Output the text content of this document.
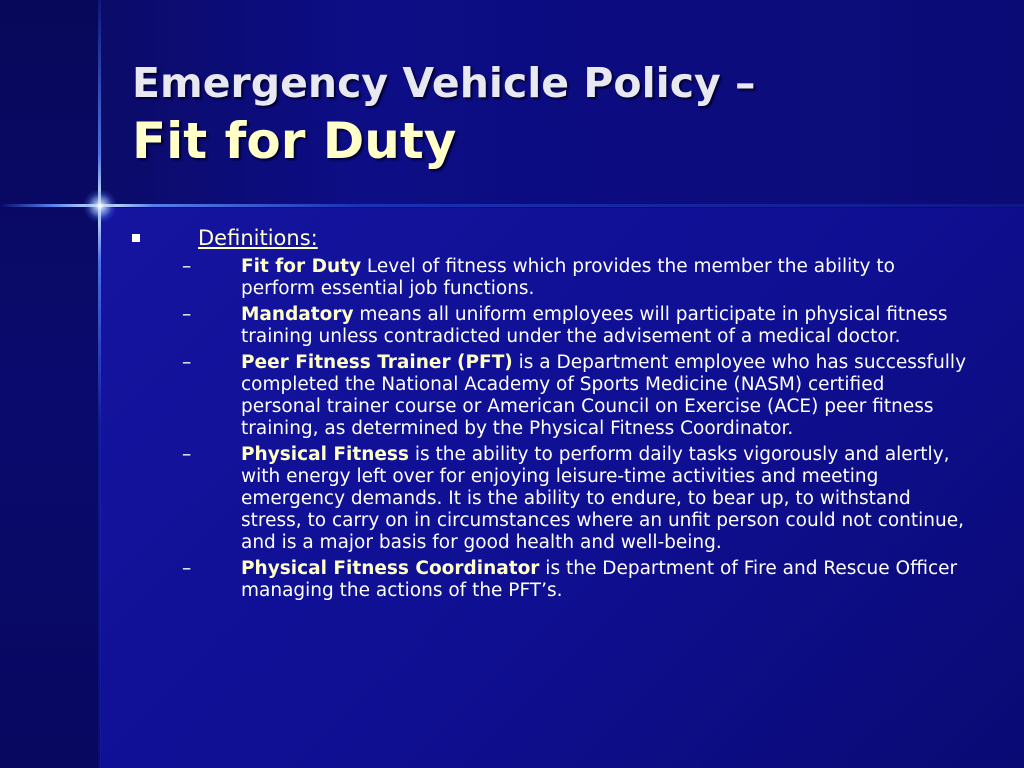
Emergency Vehicle Policy –
Fit for Duty
Definitions:
–	Fit for Duty Level of fitness which provides the member the ability to perform essential job functions.
–	Mandatory means all uniform employees will participate in physical fitness training unless contradicted under the advisement of a medical doctor.
–	Peer Fitness Trainer (PFT) is a Department employee who has successfully completed the National Academy of Sports Medicine (NASM) certified personal trainer course or American Council on Exercise (ACE) peer fitness training, as determined by the Physical Fitness Coordinator.
–	Physical Fitness is the ability to perform daily tasks vigorously and alertly, with energy left over for enjoying leisure-time activities and meeting emergency demands. It is the ability to endure, to bear up, to withstand stress, to carry on in circumstances where an unfit person could not continue, and is a major basis for good health and well-being.
–	Physical Fitness Coordinator is the Department of Fire and Rescue Officer managing the actions of the PFT’s.
